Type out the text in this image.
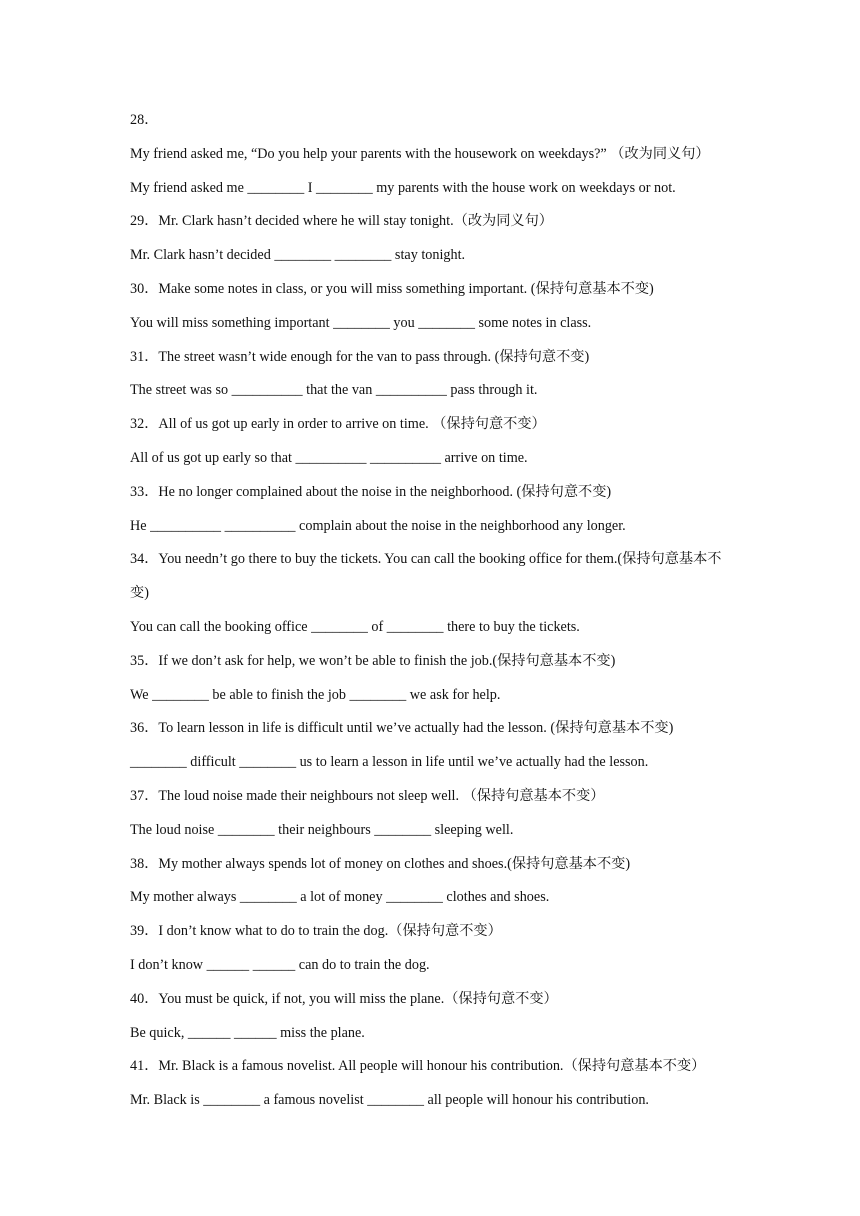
28．My friend asked me, “Do you help your parents with the housework on weekdays?” （改为同义句）
My friend asked me ________ I ________ my parents with the house work on weekdays or not.
29．Mr. Clark hasn’t decided where he will stay tonight.（改为同义句）
Mr. Clark hasn’t decided ________ ________ stay tonight.
30．Make some notes in class, or you will miss something important. (保持句意基本不变)
You will miss something important ________ you ________ some notes in class.
31．The street wasn’t wide enough for the van to pass through. (保持句意不变)
The street was so __________ that the van __________ pass through it.
32．All of us got up early in order to arrive on time. （保持句意不变）
All of us got up early so that __________ __________ arrive on time.
33．He no longer complained about the noise in the neighborhood. (保持句意不变)
He __________ __________ complain about the noise in the neighborhood any longer.
34．You needn’t go there to buy the tickets. You can call the booking office for them.(保持句意基本不变)
You can call the booking office ________ of ________ there to buy the tickets.
35．If we don’t ask for help, we won’t be able to finish the job.(保持句意基本不变)
We ________ be able to finish the job ________ we ask for help.
36．To learn lesson in life is difficult until we’ve actually had the lesson. (保持句意基本不变)
________ difficult ________ us to learn a lesson in life until we’ve actually had the lesson.
37．The loud noise made their neighbours not sleep well. （保持句意基本不变）
The loud noise ________ their neighbours ________ sleeping well.
38．My mother always spends lot of money on clothes and shoes.(保持句意基本不变)
My mother always ________ a lot of money ________ clothes and shoes.
39．I don’t know what to do to train the dog.（保持句意不变）
I don’t know ______ ______ can do to train the dog.
40．You must be quick, if not, you will miss the plane.（保持句意不变）
Be quick, ______ ______ miss the plane.
41．Mr. Black is a famous novelist. All people will honour his contribution.（保持句意基本不变）
Mr. Black is ________ a famous novelist ________ all people will honour his contribution.
